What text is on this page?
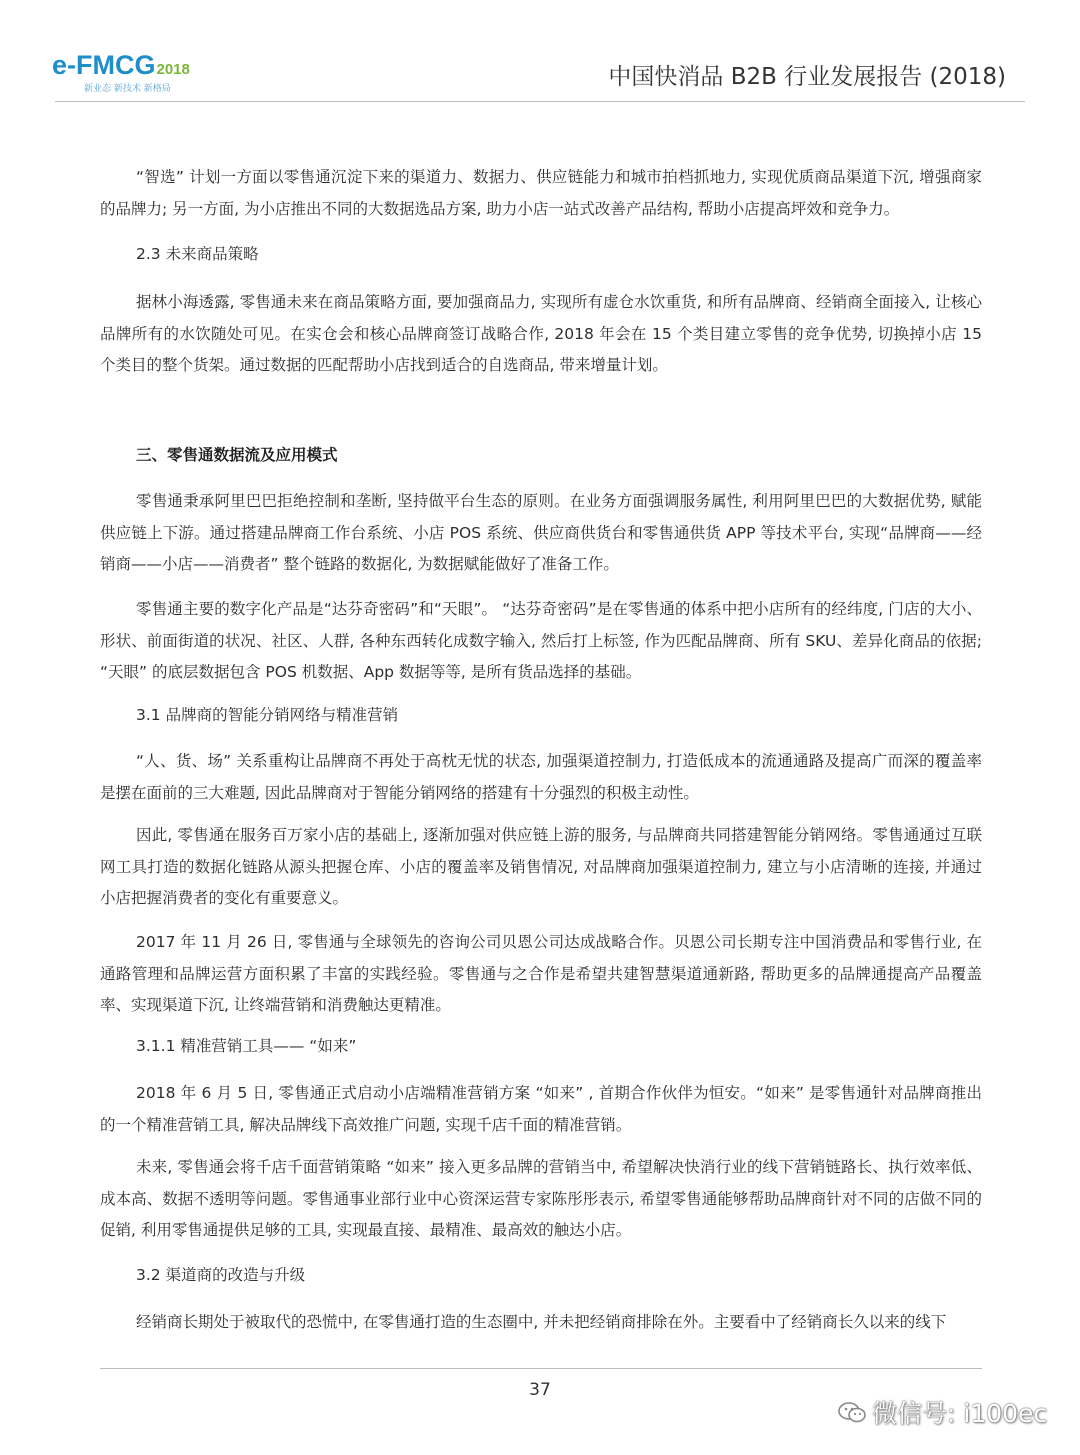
e-FMCG2018
新业态 新技术 新格局	中国快消品 B2B 行业发展报告 (2018)

“智选” 计划一方面以零售通沉淀下来的渠道力、数据力、供应链能力和城市拍档抓地力, 实现优质商品渠道下沉, 增强商家的品牌力; 另一方面, 为小店推出不同的大数据选品方案, 助力小店一站式改善产品结构, 帮助小店提高坪效和竞争力。

2.3 未来商品策略

据林小海透露, 零售通未来在商品策略方面, 要加强商品力, 实现所有虚仓水饮重货, 和所有品牌商、经销商全面接入, 让核心品牌所有的水饮随处可见。在实仓会和核心品牌商签订战略合作, 2018 年会在 15 个类目建立零售的竞争优势, 切换掉小店 15 个类目的整个货架。通过数据的匹配帮助小店找到适合的自选商品, 带来增量计划。

三、零售通数据流及应用模式

零售通秉承阿里巴巴拒绝控制和垄断, 坚持做平台生态的原则。在业务方面强调服务属性, 利用阿里巴巴的大数据优势, 赋能供应链上下游。通过搭建品牌商工作台系统、小店 POS 系统、供应商供货台和零售通供货 APP 等技术平台, 实现“品牌商——经销商——小店——消费者” 整个链路的数据化, 为数据赋能做好了准备工作。

零售通主要的数字化产品是“达芬奇密码”和“天眼”。 “达芬奇密码”是在零售通的体系中把小店所有的经纬度, 门店的大小、形状、前面街道的状况、社区、人群, 各种东西转化成数字输入, 然后打上标签, 作为匹配品牌商、所有 SKU、差异化商品的依据; “天眼” 的底层数据包含 POS 机数据、App 数据等等, 是所有货品选择的基础。

3.1 品牌商的智能分销网络与精准营销

“人、货、场” 关系重构让品牌商不再处于高枕无忧的状态, 加强渠道控制力, 打造低成本的流通通路及提高广而深的覆盖率是摆在面前的三大难题, 因此品牌商对于智能分销网络的搭建有十分强烈的积极主动性。

因此, 零售通在服务百万家小店的基础上, 逐渐加强对供应链上游的服务, 与品牌商共同搭建智能分销网络。零售通通过互联网工具打造的数据化链路从源头把握仓库、小店的覆盖率及销售情况, 对品牌商加强渠道控制力, 建立与小店清晰的连接, 并通过小店把握消费者的变化有重要意义。

2017 年 11 月 26 日, 零售通与全球领先的咨询公司贝恩公司达成战略合作。贝恩公司长期专注中国消费品和零售行业, 在通路管理和品牌运营方面积累了丰富的实践经验。零售通与之合作是希望共建智慧渠道通新路, 帮助更多的品牌通提高产品覆盖率、实现渠道下沉, 让终端营销和消费触达更精准。

3.1.1 精准营销工具—— “如来”

2018 年 6 月 5 日, 零售通正式启动小店端精准营销方案 “如来” , 首期合作伙伴为恒安。“如来” 是零售通针对品牌商推出的一个精准营销工具, 解决品牌线下高效推广问题, 实现千店千面的精准营销。

未来, 零售通会将千店千面营销策略 “如来” 接入更多品牌的营销当中, 希望解决快消行业的线下营销链路长、执行效率低、成本高、数据不透明等问题。零售通事业部行业中心资深运营专家陈彤彤表示, 希望零售通能够帮助品牌商针对不同的店做不同的促销, 利用零售通提供足够的工具, 实现最直接、最精准、最高效的触达小店。

3.2 渠道商的改造与升级

经销商长期处于被取代的恐慌中, 在零售通打造的生态圈中, 并未把经销商排除在外。主要看中了经销商长久以来的线下

37
微信号: i100ec
